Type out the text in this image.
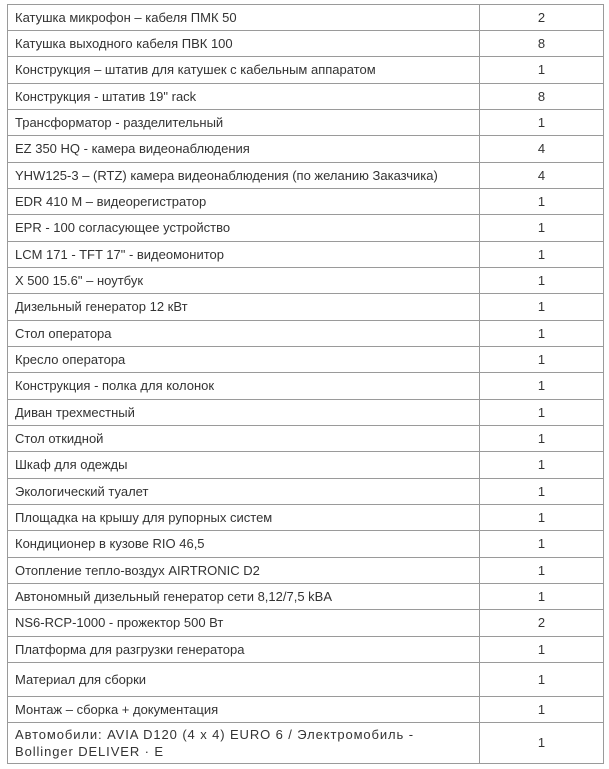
Катушка микрофон – кабеля ПМК 50	2
Катушка выходного кабеля ПВК 100	8
Конструкция – штатив для катушек с кабельным аппаратом	1
Конструкция - штатив 19" rack	8
Трансформатор - разделительный	1
EZ 350 HQ - камера видеонаблюдения	4
YHW125-3 – (RTZ) камера видеонаблюдения (по желанию Заказчика)	4
EDR 410 M – видеорегистратор	1
EPR - 100 согласующее устройство	1
LCM 171 - TFT 17" - видеомонитор	1
X 500 15.6" – ноутбук	1
Дизельный генератор 12 кВт	1
Стол оператора	1
Кресло оператора	1
Конструкция - полка для колонок	1
Диван трехместный	1
Стол откидной	1
Шкаф для одежды	1
Экологический туалет	1
Площадка на крышу для рупорных систем	1
Кондиционер в кузове RIO 46,5	1
Отопление тепло-воздух AIRTRONIC D2	1
Автономный дизельный генератор сети 8,12/7,5 kBA	1
NS6-RCP-1000 - прожектор 500 Вт	2
Платформа для разгрузки генератора	1
Материал для сборки	1
Монтаж – сборка + документация	1
Автомобили: AVIA D120 (4 x 4) EURO 6 / Электромобиль - Bollinger DELIVER · E	1
